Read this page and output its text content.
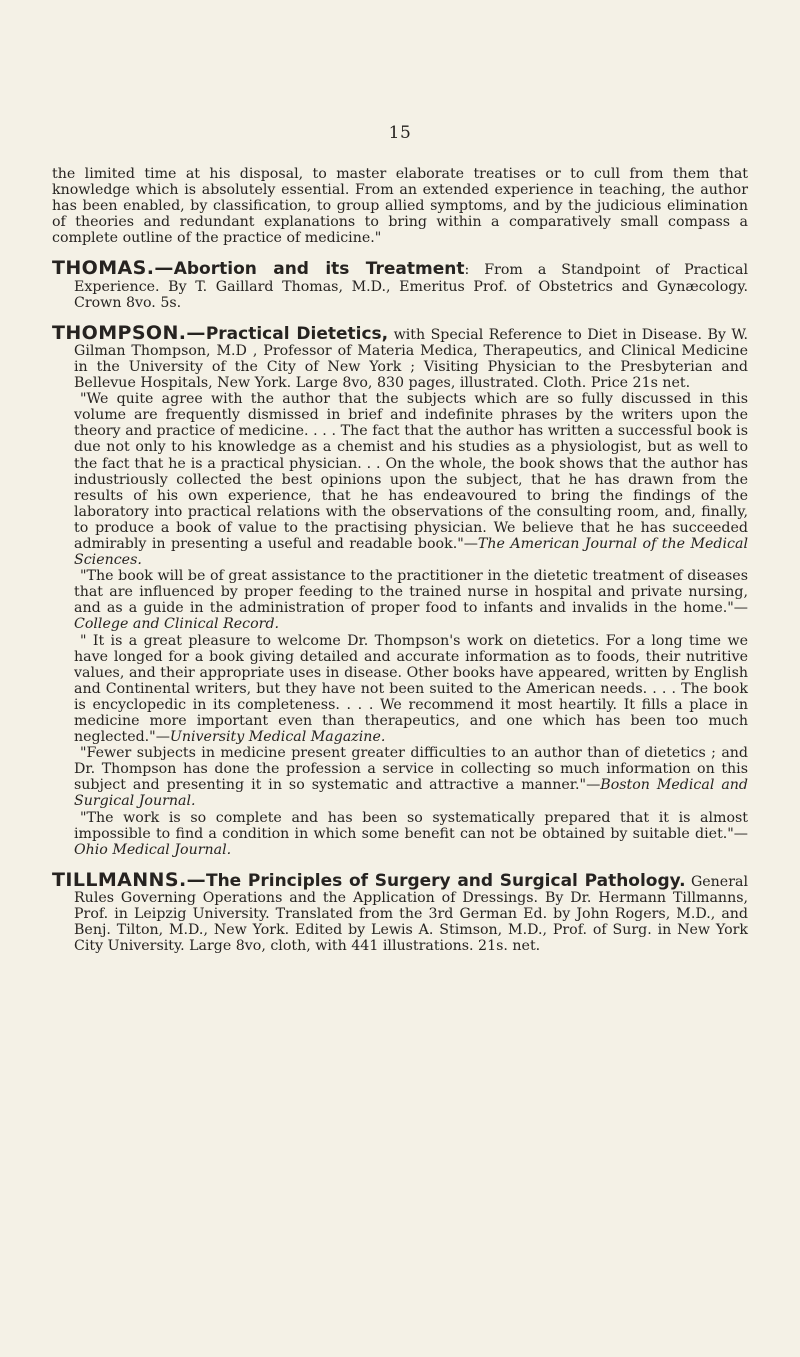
15

the limited time at his disposal, to master elaborate treatises or to cull from them that knowledge which is absolutely essential. From an extended experience in teaching, the author has been enabled, by classification, to group allied symptoms, and by the judicious elimination of theories and redundant explanations to bring within a comparatively small compass a complete outline of the practice of medicine."

THOMAS.—Abortion and its Treatment: From a Standpoint of Practical Experience. By T. Gaillard Thomas, M.D., Emeritus Prof. of Obstetrics and Gynæcology. Crown 8vo. 5s.
THOMPSON.—Practical Dietetics, with Special Reference to Diet in Disease. By W. Gilman Thompson, M.D , Professor of Materia Medica, Therapeutics, and Clinical Medicine in the University of the City of New York ; Visiting Physician to the Presbyterian and Bellevue Hospitals, New York. Large 8vo, 830 pages, illustrated. Cloth. Price 21s net.

"We quite agree with the author that the subjects which are so fully discussed in this volume are frequently dismissed in brief and indefinite phrases by the writers upon the theory and practice of medicine. . . . The fact that the author has written a successful book is due not only to his knowledge as a chemist and his studies as a physiologist, but as well to the fact that he is a practical physician. . . On the whole, the book shows that the author has industriously collected the best opinions upon the subject, that he has drawn from the results of his own experience, that he has endeavoured to bring the findings of the laboratory into practical relations with the observations of the consulting room, and, finally, to produce a book of value to the practising physician. We believe that he has succeeded admirably in presenting a useful and readable book."—The American Journal of the Medical Sciences.

"The book will be of great assistance to the practitioner in the dietetic treatment of diseases that are influenced by proper feeding to the trained nurse in hospital and private nursing, and as a guide in the administration of proper food to infants and invalids in the home."—College and Clinical Record.

" It is a great pleasure to welcome Dr. Thompson's work on dietetics. For a long time we have longed for a book giving detailed and accurate information as to foods, their nutritive values, and their appropriate uses in disease. Other books have appeared, written by English and Continental writers, but they have not been suited to the American needs. . . . The book is encyclopedic in its completeness. . . . We recommend it most heartily. It fills a place in medicine more important even than therapeutics, and one which has been too much neglected."—University Medical Magazine.

"Fewer subjects in medicine present greater difficulties to an author than of dietetics ; and Dr. Thompson has done the profession a service in collecting so much information on this subject and presenting it in so systematic and attractive a manner."—Boston Medical and Surgical Journal.

"The work is so complete and has been so systematically prepared that it is almost impossible to find a condition in which some benefit can not be obtained by suitable diet."—Ohio Medical Journal.

TILLMANNS.—The Principles of Surgery and Surgical Pathology. General Rules Governing Operations and the Application of Dressings. By Dr. Hermann Tillmanns, Prof. in Leipzig University. Translated from the 3rd German Ed. by John Rogers, M.D., and Benj. Tilton, M.D., New York. Edited by Lewis A. Stimson, M.D., Prof. of Surg. in New York City University. Large 8vo, cloth, with 441 illustrations. 21s. net.
